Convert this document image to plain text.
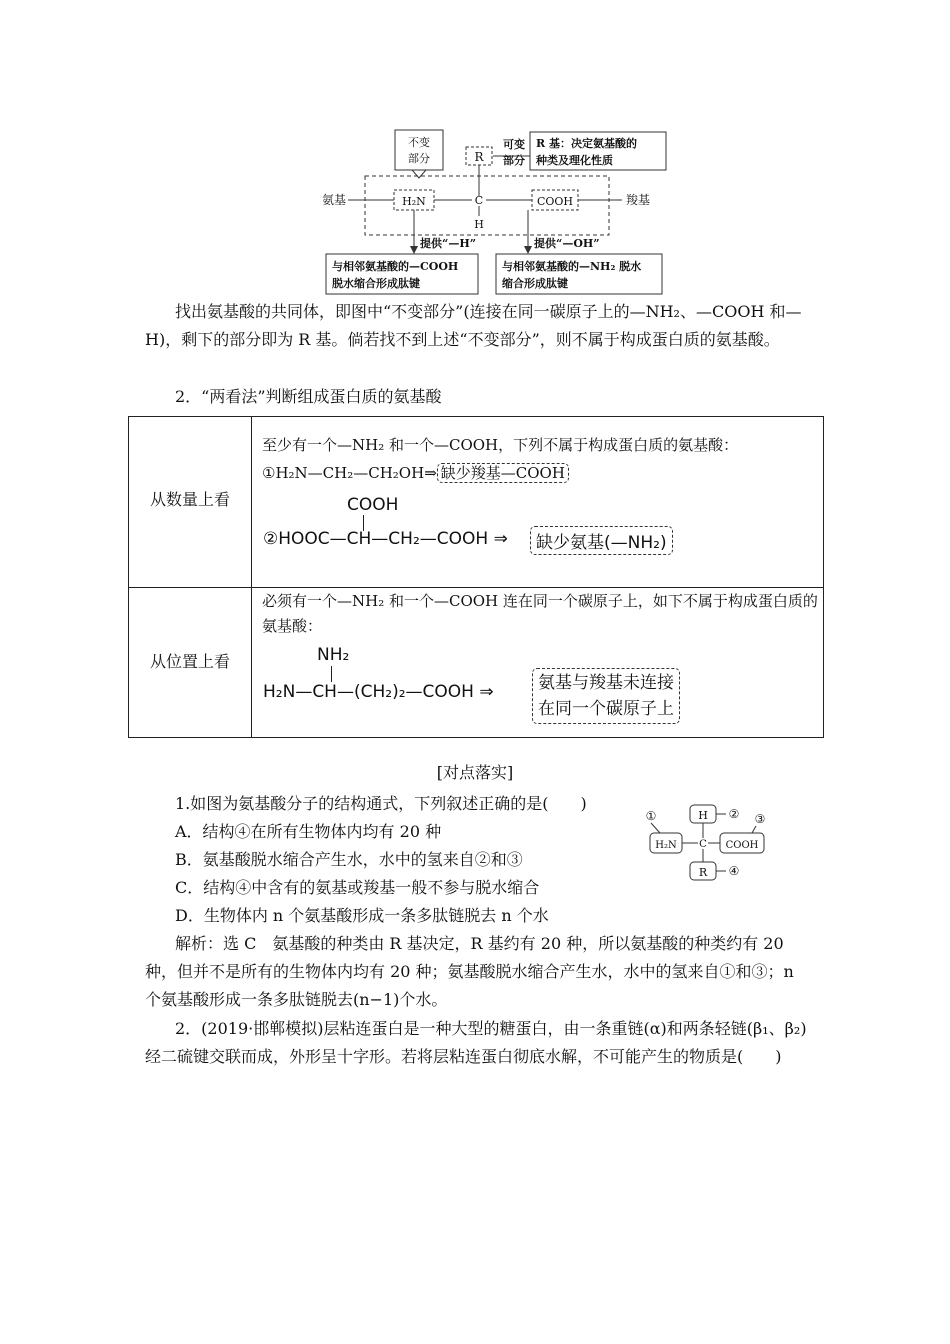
不变
部分	R
可变
部分
R 基：决定氨基酸的
种类及理化性质
氨基	H₂N	C
H
COOH	羧基
提供“—H”	提供“—OH”
与相邻氨基酸的—COOH
脱水缩合形成肽键
与相邻氨基酸的—NH₂ 脱水
缩合形成肽键
找出氨基酸的共同体，即图中“不变部分”(连接在同一碳原子上的—NH₂、—COOH 和—H)，剩下的部分即为 R 基。倘若找不到上述“不变部分”，则不属于构成蛋白质的氨基酸。
2．“两看法”判断组成蛋白质的氨基酸
从数量上看
至少有一个—NH₂ 和一个—COOH，下列不属于构成蛋白质的氨基酸：
①H₂N—CH₂—CH₂OH⇒ 缺少羧基—COOH
COOH
②HOOC—CH—CH₂—COOH ⇒	缺少氨基(—NH₂)
从位置上看
必须有一个—NH₂ 和一个—COOH 连在同一个碳原子上，如下不属于构成蛋白质的氨基酸：
NH₂
H₂N—CH—(CH₂)₂—COOH ⇒	氨基与羧基未连接
在同一个碳原子上
[对点落实]
1.如图为氨基酸分子的结构通式，下列叙述正确的是(　　)
A．结构④在所有生物体内均有 20 种
B．氨基酸脱水缩合产生水，水中的氢来自②和③
C．结构④中含有的氨基或羧基一般不参与脱水缩合
D．生物体内 n 个氨基酸形成一条多肽链脱去 n 个水
①
H₂N
H ②
C COOH
③
R ④
解析：选 C　氨基酸的种类由 R 基决定，R 基约有 20 种，所以氨基酸的种类约有 20 种，但并不是所有的生物体内均有 20 种；氨基酸脱水缩合产生水，水中的氢来自①和③；n 个氨基酸形成一条多肽链脱去(n−1)个水。
2．(2019·邯郸模拟)层粘连蛋白是一种大型的糖蛋白，由一条重链(α)和两条轻链(β₁、β₂)经二硫键交联而成，外形呈十字形。若将层粘连蛋白彻底水解，不可能产生的物质是(　　)
